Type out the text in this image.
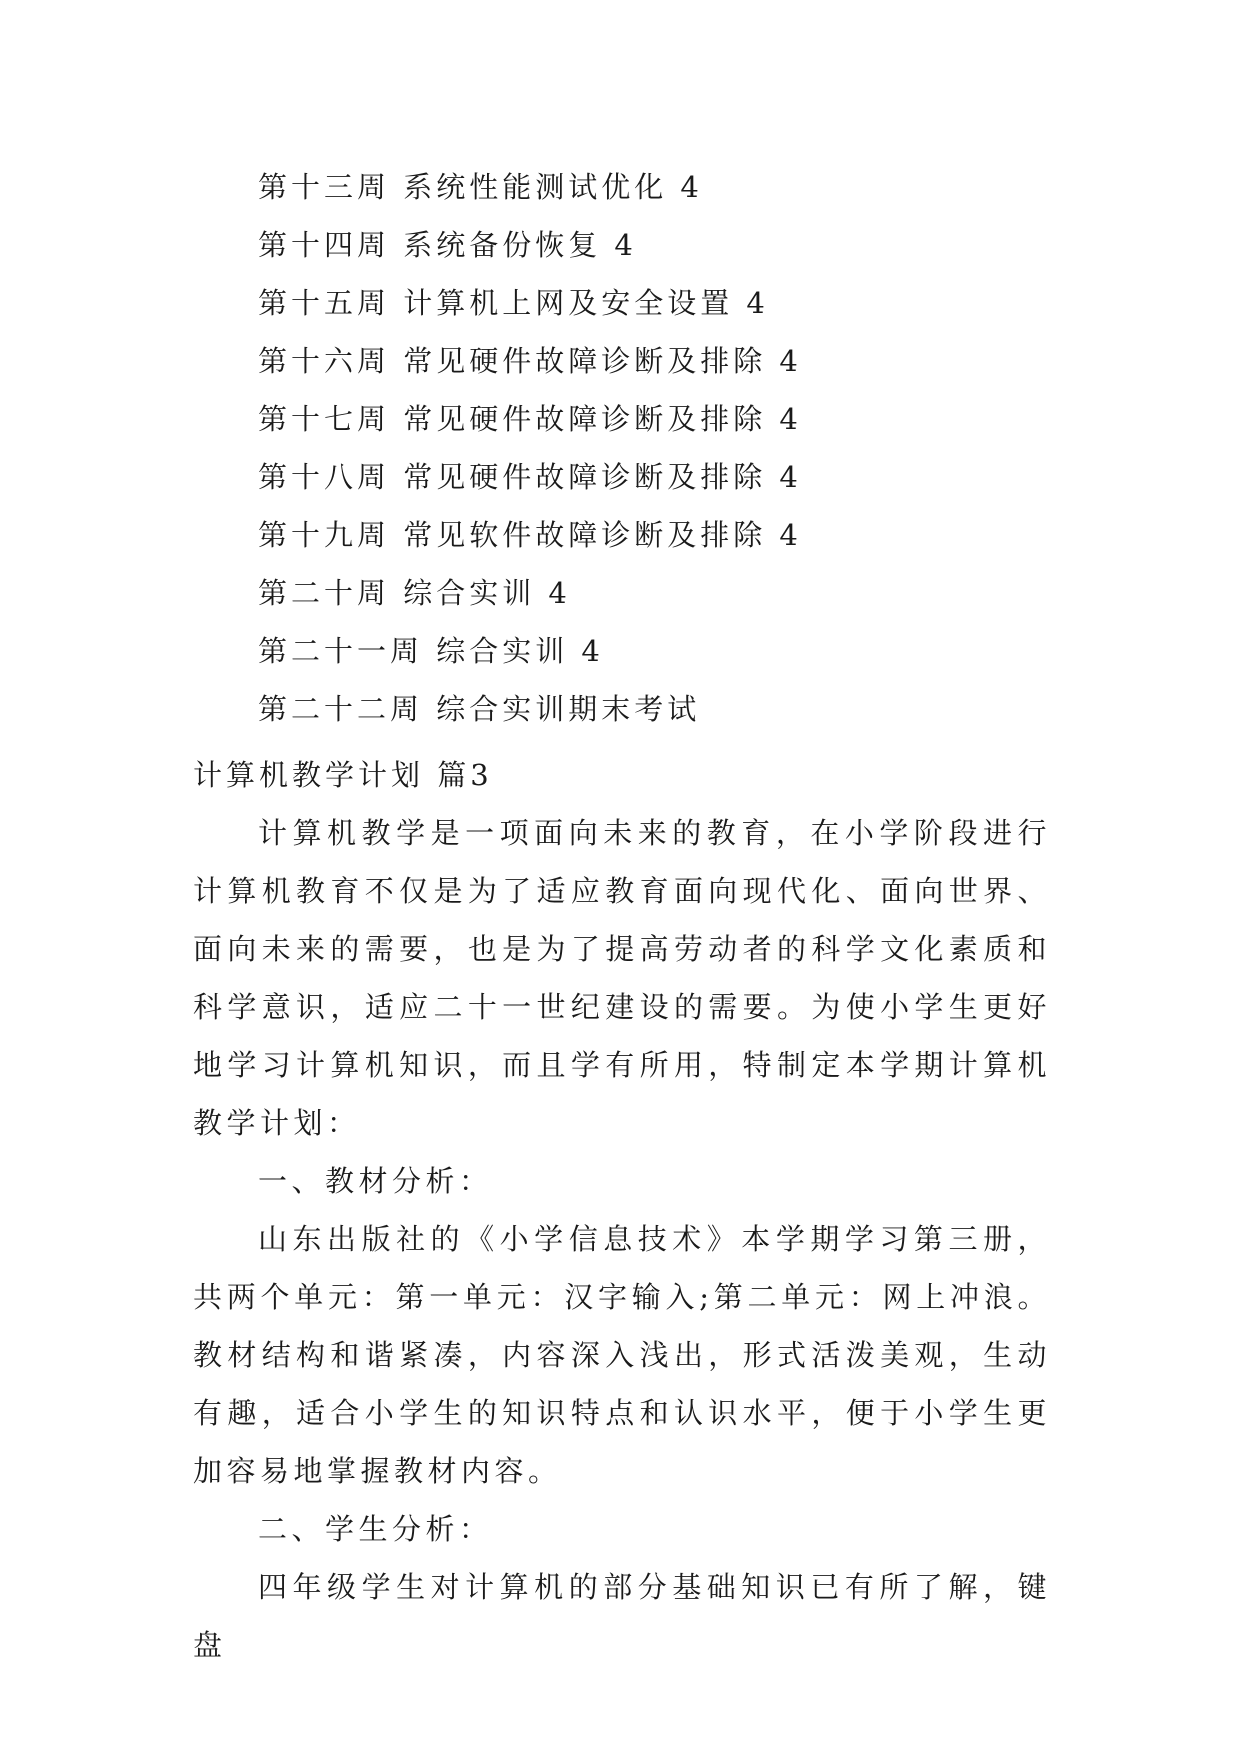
第十三周 系统性能测试优化 4
第十四周 系统备份恢复 4
第十五周 计算机上网及安全设置 4
第十六周 常见硬件故障诊断及排除 4
第十七周 常见硬件故障诊断及排除 4
第十八周 常见硬件故障诊断及排除 4
第十九周 常见软件故障诊断及排除 4
第二十周 综合实训 4
第二十一周 综合实训 4
第二十二周 综合实训期末考试
计算机教学计划 篇3

计算机教学是一项面向未来的教育，在小学阶段进行计算机教育不仅是为了适应教育面向现代化、面向世界、面向未来的需要，也是为了提高劳动者的科学文化素质和科学意识，适应二十一世纪建设的需要。为使小学生更好地学习计算机知识，而且学有所用，特制定本学期计算机教学计划：

一、教材分析：

山东出版社的《小学信息技术》本学期学习第三册，共两个单元：第一单元：汉字输入;第二单元：网上冲浪。教材结构和谐紧凑，内容深入浅出，形式活泼美观，生动有趣，适合小学生的知识特点和认识水平，便于小学生更加容易地掌握教材内容。

二、学生分析：

四年级学生对计算机的部分基础知识已有所了解，键盘
